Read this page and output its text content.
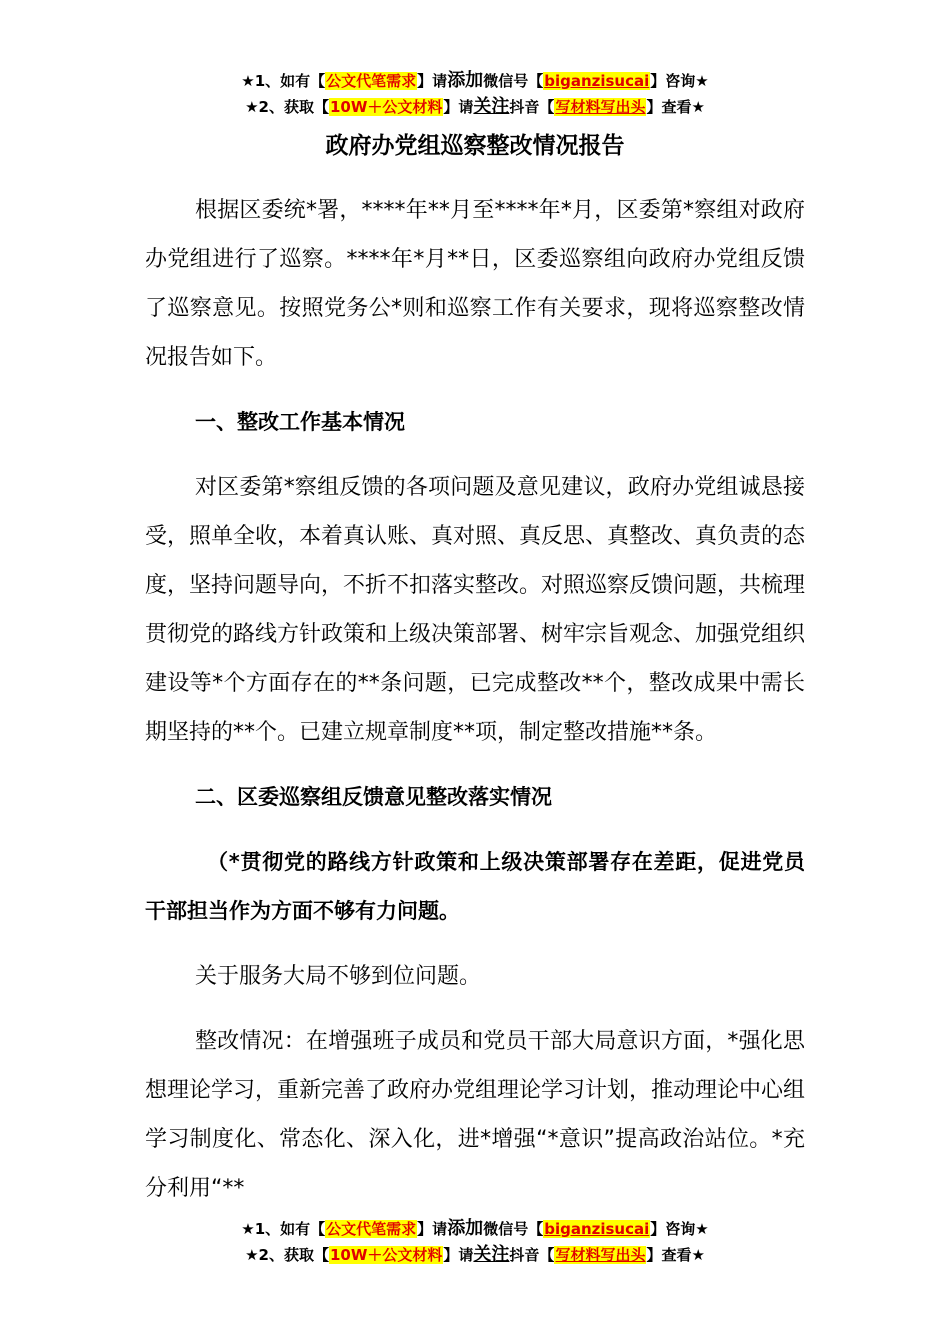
★1、如有【公文代笔需求】请添加微信号【biganzisucai】咨询★
★2、获取【10W＋公文材料】请关注抖音【写材料写出头】查看★
政府办党组巡察整改情况报告

根据区委统*署，****年**月至****年*月，区委第*察组对政府办党组进行了巡察。****年*月**日，区委巡察组向政府办党组反馈了巡察意见。按照党务公*则和巡察工作有关要求，现将巡察整改情况报告如下。

一、整改工作基本情况

对区委第*察组反馈的各项问题及意见建议，政府办党组诚恳接受，照单全收，本着真认账、真对照、真反思、真整改、真负责的态度，坚持问题导向，不折不扣落实整改。对照巡察反馈问题，共梳理贯彻党的路线方针政策和上级决策部署、树牢宗旨观念、加强党组织建设等*个方面存在的**条问题，已完成整改**个，整改成果中需长期坚持的**个。已建立规章制度**项，制定整改措施**条。

二、区委巡察组反馈意见整改落实情况

（*贯彻党的路线方针政策和上级决策部署存在差距，促进党员干部担当作为方面不够有力问题。

关于服务大局不够到位问题。

整改情况：在增强班子成员和党员干部大局意识方面，*强化思想理论学习，重新完善了政府办党组理论学习计划，推动理论中心组学习制度化、常态化、深入化，进*增强“*意识”提高政治站位。*充分利用“**

★1、如有【公文代笔需求】请添加微信号【biganzisucai】咨询★
★2、获取【10W＋公文材料】请关注抖音【写材料写出头】查看★
